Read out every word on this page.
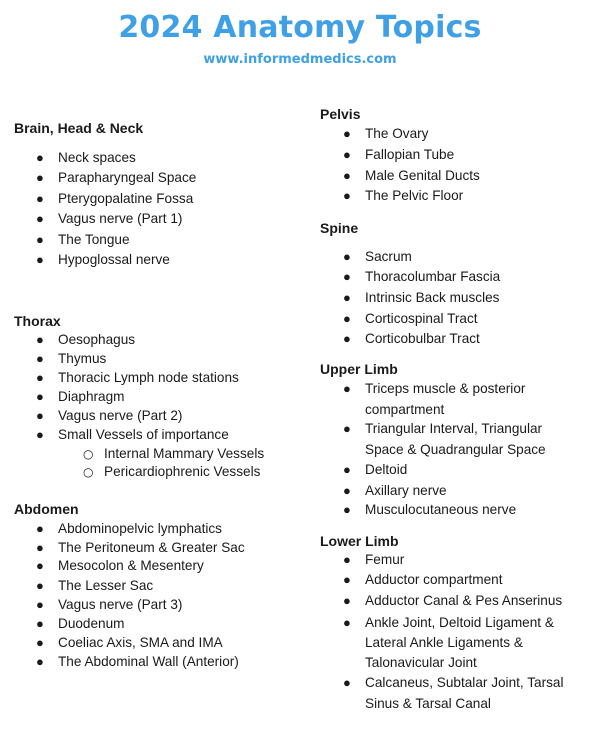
2024 Anatomy Topics
www.informedmedics.com
Brain, Head & Neck
● Neck spaces
● Parapharyngeal Space
● Pterygopalatine Fossa
● Vagus nerve (Part 1)
● The Tongue
● Hypoglossal nerve
Thorax
● Oesophagus
● Thymus
● Thoracic Lymph node stations
● Diaphragm
● Vagus nerve (Part 2)
● Small Vessels of importance
○ Internal Mammary Vessels
○ Pericardiophrenic Vessels
Abdomen
● Abdominopelvic lymphatics
● The Peritoneum & Greater Sac
● Mesocolon & Mesentery
● The Lesser Sac
● Vagus nerve (Part 3)
● Duodenum
● Coeliac Axis, SMA and IMA
● The Abdominal Wall (Anterior)
Pelvis
● The Ovary
● Fallopian Tube
● Male Genital Ducts
● The Pelvic Floor
Spine
● Sacrum
● Thoracolumbar Fascia
● Intrinsic Back muscles
● Corticospinal Tract
● Corticobulbar Tract
Upper Limb
● Triceps muscle & posterior
compartment
● Triangular Interval, Triangular
Space & Quadrangular Space
● Deltoid
● Axillary nerve
● Musculocutaneous nerve
Lower Limb
● Femur
● Adductor compartment
● Adductor Canal & Pes Anserinus
● Ankle Joint, Deltoid Ligament &
Lateral Ankle Ligaments &
Talonavicular Joint
● Calcaneus, Subtalar Joint, Tarsal
Sinus & Tarsal Canal
